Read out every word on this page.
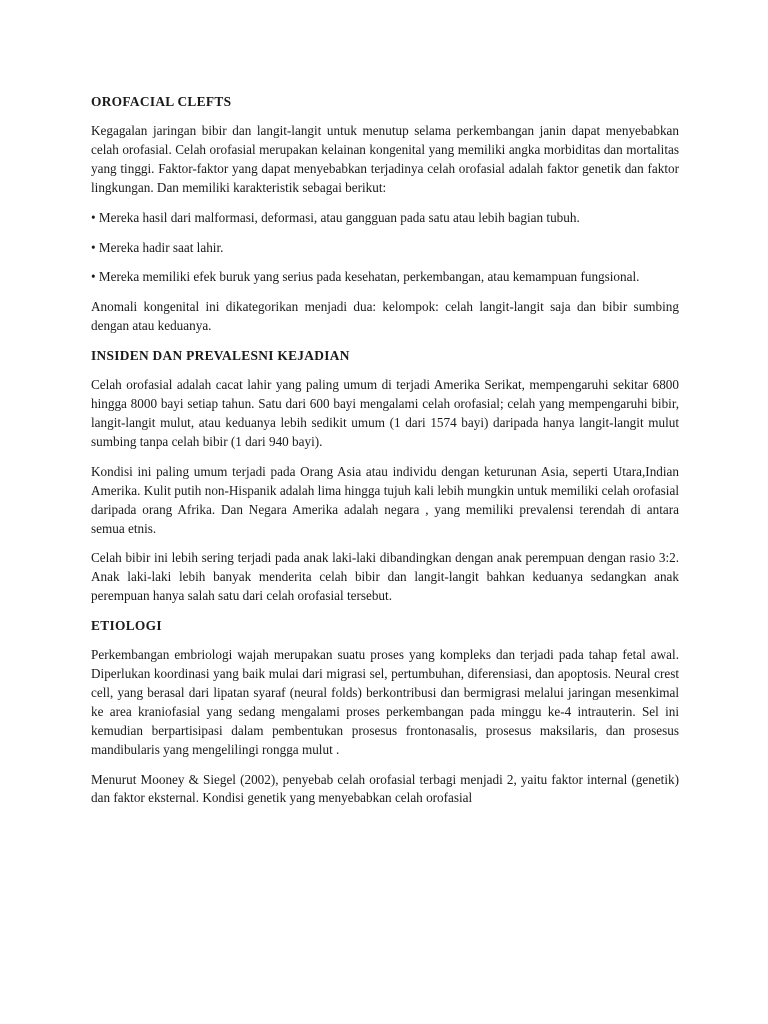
OROFACIAL CLEFTS

Kegagalan jaringan bibir dan langit-langit untuk menutup selama perkembangan janin dapat menyebabkan celah orofasial. Celah orofasial merupakan kelainan kongenital yang memiliki angka morbiditas dan mortalitas yang tinggi. Faktor-faktor yang dapat menyebabkan terjadinya celah orofasial adalah faktor genetik dan faktor lingkungan. Dan memiliki karakteristik sebagai berikut:

• Mereka hasil dari malformasi, deformasi, atau gangguan pada satu atau lebih bagian tubuh.

• Mereka hadir saat lahir.

• Mereka memiliki efek buruk yang serius pada kesehatan, perkembangan, atau kemampuan fungsional.

Anomali kongenital ini dikategorikan menjadi dua: kelompok: celah langit-langit saja dan bibir sumbing dengan atau keduanya.

INSIDEN DAN PREVALESNI KEJADIAN

Celah orofasial adalah cacat lahir yang paling umum di terjadi Amerika Serikat, mempengaruhi sekitar 6800 hingga 8000 bayi setiap tahun. Satu dari 600 bayi mengalami celah orofasial; celah yang mempengaruhi bibir, langit-langit mulut, atau keduanya lebih sedikit umum (1 dari 1574 bayi) daripada hanya langit-langit mulut sumbing tanpa celah bibir (1 dari 940 bayi).

Kondisi ini paling umum terjadi pada Orang Asia atau individu dengan keturunan Asia, seperti Utara,Indian Amerika. Kulit putih non-Hispanik adalah lima hingga tujuh kali lebih mungkin untuk memiliki celah orofasial daripada orang Afrika. Dan Negara Amerika adalah negara , yang memiliki prevalensi terendah di antara semua etnis.

Celah bibir ini lebih sering terjadi pada anak laki-laki dibandingkan dengan anak perempuan dengan rasio 3:2. Anak laki-laki lebih banyak menderita celah bibir dan langit-langit bahkan keduanya sedangkan anak perempuan hanya salah satu dari celah orofasial tersebut.

ETIOLOGI

Perkembangan embriologi wajah merupakan suatu proses yang kompleks dan terjadi pada tahap fetal awal. Diperlukan koordinasi yang baik mulai dari migrasi sel, pertumbuhan, diferensiasi, dan apoptosis. Neural crest cell, yang berasal dari lipatan syaraf (neural folds) berkontribusi dan bermigrasi melalui jaringan mesenkimal ke area kraniofasial yang sedang mengalami proses perkembangan pada minggu ke-4 intrauterin. Sel ini kemudian berpartisipasi dalam pembentukan prosesus frontonasalis, prosesus maksilaris, dan prosesus mandibularis yang mengelilingi rongga mulut .

Menurut Mooney & Siegel (2002), penyebab celah orofasial terbagi menjadi 2, yaitu faktor internal (genetik) dan faktor eksternal. Kondisi genetik yang menyebabkan celah orofasial
